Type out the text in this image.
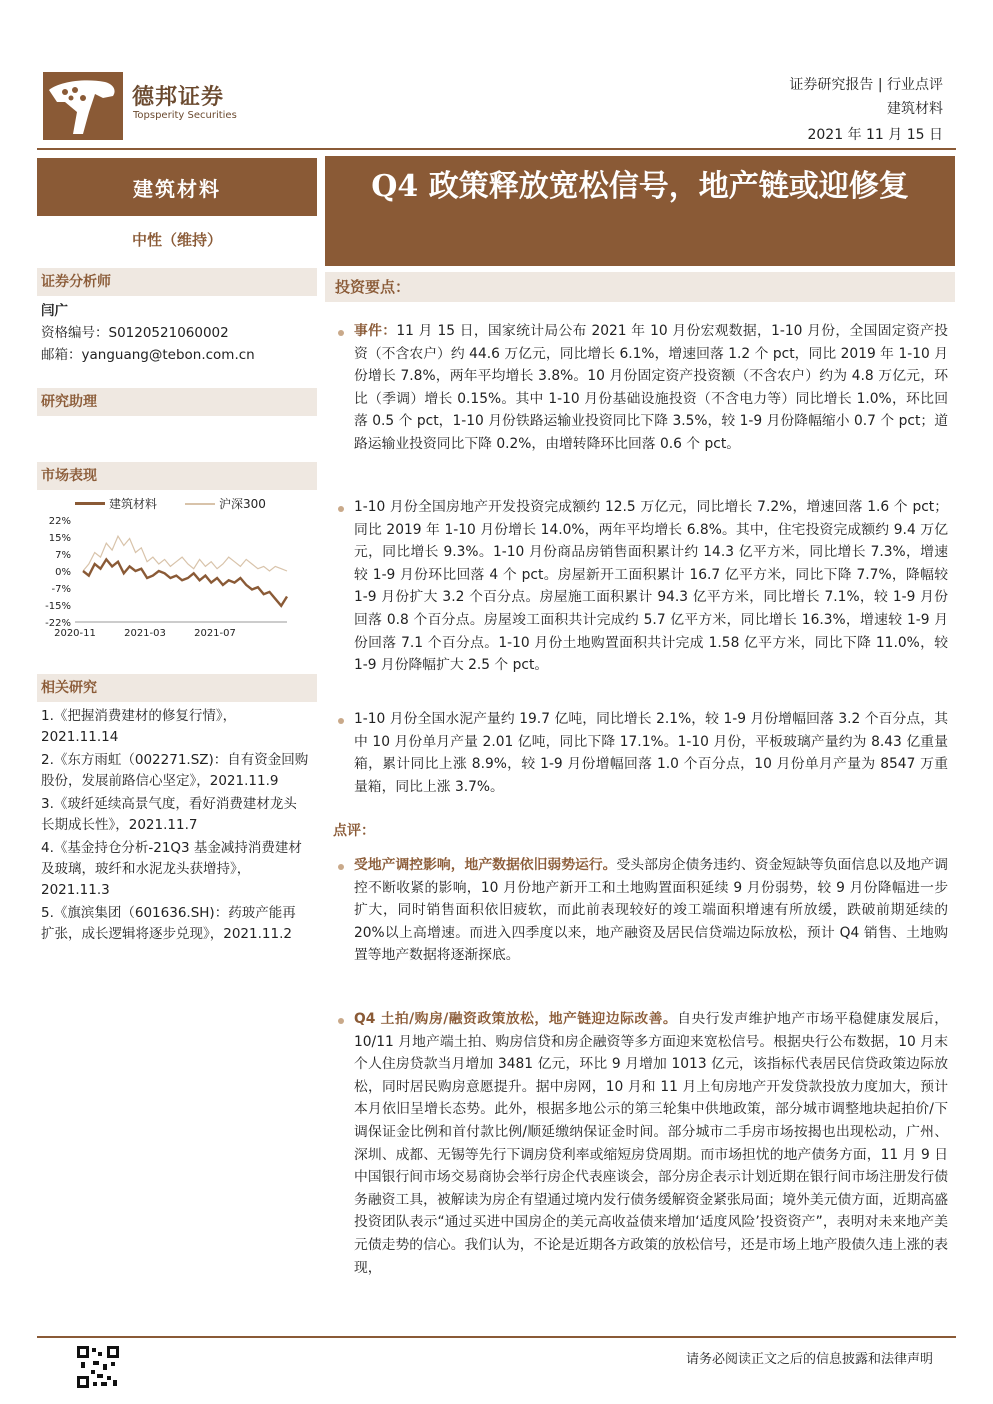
德邦证券
Topsperity Securities
证券研究报告 | 行业点评
建筑材料
2021 年 11 月 15 日
建筑材料
中性（维持）
证券分析师
闫广
资格编号：S0120521060002
邮箱：yanguang@tebon.com.cn
研究助理
市场表现
建筑材料	沪深300
22%
15%
7%
0%
-7%
-15%
-22%
2020-11	2021-03	2021-07
相关研究
1.《把握消费建材的修复行情》，2021.11.14
2.《东方雨虹（002271.SZ)：自有资金回购股份，发展前路信心坚定》，2021.11.9
3.《玻纤延续高景气度，看好消费建材龙头长期成长性》，2021.11.7
4.《基金持仓分析-21Q3 基金减持消费建材及玻璃，玻纤和水泥龙头获增持》，2021.11.3
5.《旗滨集团（601636.SH)：药玻产能再扩张，成长逻辑将逐步兑现》，2021.11.2
Q4 政策释放宽松信号，地产链或迎修复
投资要点：
事件：11 月 15 日，国家统计局公布 2021 年 10 月份宏观数据，1-10 月份，全国固定资产投资（不含农户）约 44.6 万亿元，同比增长 6.1%，增速回落 1.2 个 pct，同比 2019 年 1-10 月份增长 7.8%，两年平均增长 3.8%。10 月份固定资产投资额（不含农户）约为 4.8 万亿元，环比（季调）增长 0.15%。其中 1-10 月份基础设施投资（不含电力等）同比增长 1.0%，环比回落 0.5 个 pct，1-10 月份铁路运输业投资同比下降 3.5%，较 1-9 月份降幅缩小 0.7 个 pct；道路运输业投资同比下降 0.2%，由增转降环比回落 0.6 个 pct。
1-10 月份全国房地产开发投资完成额约 12.5 万亿元，同比增长 7.2%，增速回落 1.6 个 pct；同比 2019 年 1-10 月份增长 14.0%，两年平均增长 6.8%。其中，住宅投资完成额约 9.4 万亿元，同比增长 9.3%。1-10 月份商品房销售面积累计约 14.3 亿平方米，同比增长 7.3%，增速较 1-9 月份环比回落 4 个 pct。房屋新开工面积累计 16.7 亿平方米，同比下降 7.7%，降幅较 1-9 月份扩大 3.2 个百分点。房屋施工面积累计 94.3 亿平方米，同比增长 7.1%，较 1-9 月份回落 0.8 个百分点。房屋竣工面积共计完成约 5.7 亿平方米，同比增长 16.3%，增速较 1-9 月份回落 7.1 个百分点。1-10 月份土地购置面积共计完成 1.58 亿平方米，同比下降 11.0%，较 1-9 月份降幅扩大 2.5 个 pct。
1-10 月份全国水泥产量约 19.7 亿吨，同比增长 2.1%，较 1-9 月份增幅回落 3.2 个百分点，其中 10 月份单月产量 2.01 亿吨，同比下降 17.1%。1-10 月份，平板玻璃产量约为 8.43 亿重量箱，累计同比上涨 8.9%，较 1-9 月份增幅回落 1.0 个百分点，10 月份单月产量为 8547 万重量箱，同比上涨 3.7%。
点评：
受地产调控影响，地产数据依旧弱势运行。受头部房企债务违约、资金短缺等负面信息以及地产调控不断收紧的影响，10 月份地产新开工和土地购置面积延续 9 月份弱势，较 9 月份降幅进一步扩大，同时销售面积依旧疲软，而此前表现较好的竣工端面积增速有所放缓，跌破前期延续的 20%以上高增速。而进入四季度以来，地产融资及居民信贷端边际放松，预计 Q4 销售、土地购置等地产数据将逐渐探底。
Q4 土拍/购房/融资政策放松，地产链迎边际改善。自央行发声维护地产市场平稳健康发展后，10/11 月地产端土拍、购房信贷和房企融资等多方面迎来宽松信号。根据央行公布数据，10 月末个人住房贷款当月增加 3481 亿元，环比 9 月增加 1013 亿元，该指标代表居民信贷政策边际放松，同时居民购房意愿提升。据中房网，10 月和 11 月上旬房地产开发贷款投放力度加大，预计本月依旧呈增长态势。此外，根据多地公示的第三轮集中供地政策，部分城市调整地块起拍价/下调保证金比例和首付款比例/顺延缴纳保证金时间。部分城市二手房市场按揭也出现松动，广州、深圳、成都、无锡等先行下调房贷利率或缩短房贷周期。而市场担忧的地产债务方面，11 月 9 日中国银行间市场交易商协会举行房企代表座谈会，部分房企表示计划近期在银行间市场注册发行债务融资工具，被解读为房企有望通过境内发行债务缓解资金紧张局面；境外美元债方面，近期高盛投资团队表示“通过买进中国房企的美元高收益债来增加‘适度风险’投资资产”，表明对未来地产美元债走势的信心。我们认为，不论是近期各方政策的放松信号，还是市场上地产股债久违上涨的表现，
请务必阅读正文之后的信息披露和法律声明
